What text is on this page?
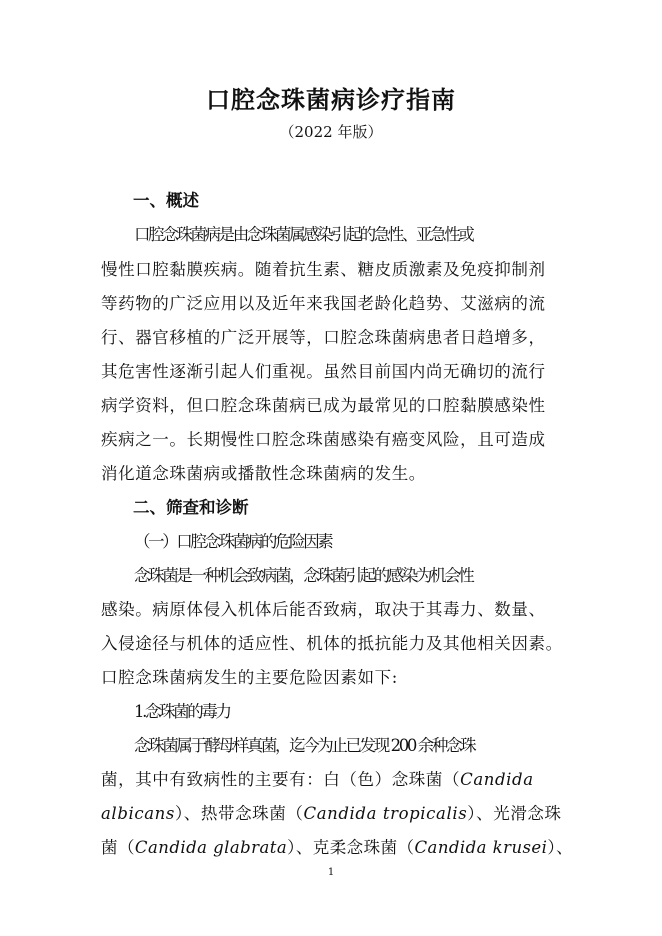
口腔念珠菌病诊疗指南
（2022 年版）
一、概述
口腔念珠菌病是由念珠菌属感染引起的急性、亚急性或
慢性口腔黏膜疾病。随着抗生素、糖皮质激素及免疫抑制剂
等药物的广泛应用以及近年来我国老龄化趋势、艾滋病的流
行、器官移植的广泛开展等，口腔念珠菌病患者日趋增多，
其危害性逐渐引起人们重视。虽然目前国内尚无确切的流行
病学资料，但口腔念珠菌病已成为最常见的口腔黏膜感染性
疾病之一。长期慢性口腔念珠菌感染有癌变风险，且可造成
消化道念珠菌病或播散性念珠菌病的发生。
二、筛查和诊断
（一）口腔念珠菌病的危险因素
念珠菌是一种机会致病菌，念珠菌引起的感染为机会性
感染。病原体侵入机体后能否致病，取决于其毒力、数量、
入侵途径与机体的适应性、机体的抵抗能力及其他相关因素。
口腔念珠菌病发生的主要危险因素如下:
1.念珠菌的毒力
念珠菌属于酵母样真菌，迄今为止已发现 200 余种念珠
菌，其中有致病性的主要有：白（色）念珠菌（Candida
albicans）、热带念珠菌（Candida tropicalis）、光滑念珠
菌（Candida glabrata）、克柔念珠菌（Candida krusei）、
1
